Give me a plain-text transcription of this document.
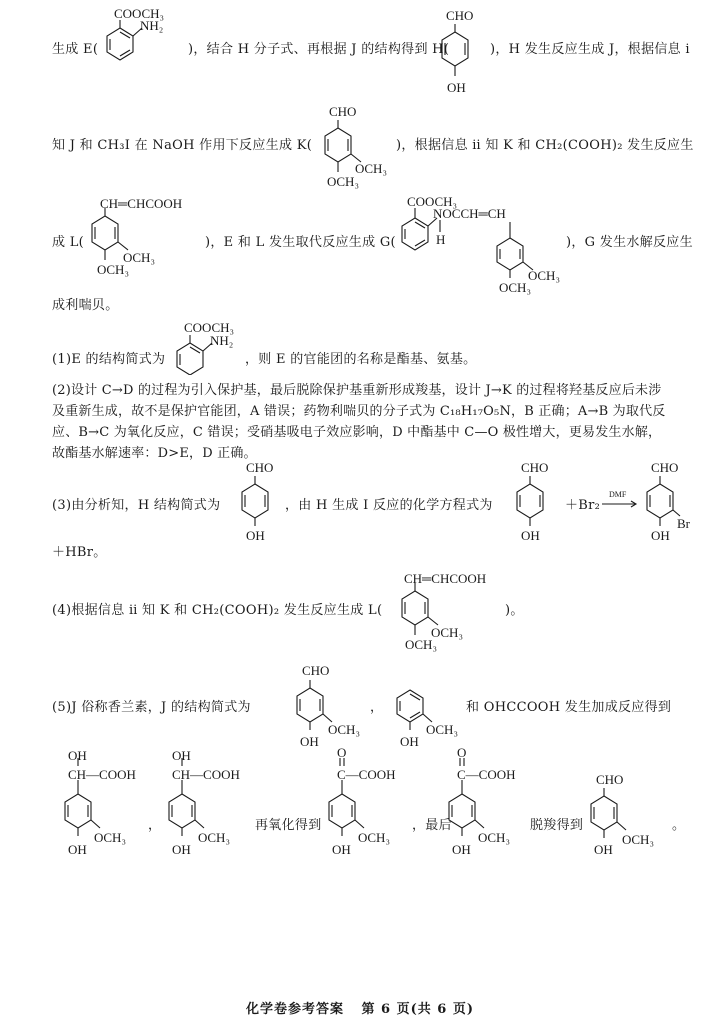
生成 E(
COOCH₃
NH₂
)，结合 H 分子式、再根据 J 的结构得到 H(
CHO
OH
)，H 发生反应生成 J，根据信息 ⅰ
知 J 和 CH₃I 在 NaOH 作用下反应生成 K(
CHO
OCH₃
OCH₃
)，根据信息 ⅱ 知 K 和 CH₂(COOH)₂ 发生反应生
成 L(
CH═CHCOOH
OCH₃
OCH₃
)，E 和 L 发生取代反应生成 G(
COOCH₃
NOCCH═CH
H
OCH₃
OCH₃
)，G 发生水解反应生
成利喘贝。
(1)E 的结构简式为
COOCH₃
NH₂
，则 E 的官能团的名称是酯基、氨基。
(2)设计 C→D 的过程为引入保护基，最后脱除保护基重新形成羧基，设计 J→K 的过程将羟基反应后未涉及重新生成，故不是保护官能团，A 错误；药物利喘贝的分子式为 C₁₈H₁₇O₅N，B 正确；A→B 为取代反应、B→C 为氧化反应，C 错误；受硝基吸电子效应影响，D 中酯基中 C—O 极性增大，更易发生水解，故酯基水解速率：D>E，D 正确。
(3)由分析知，H 结构简式为
CHO
OH
，由 H 生成 I 反应的化学方程式为
CHO
OH
＋Br₂
DMF
CHO
Br
OH
＋HBr。
(4)根据信息 ⅱ 知 K 和 CH₂(COOH)₂ 发生反应生成 L(
CH═CHCOOH
OCH₃
OCH₃
)。
(5)J 俗称香兰素，J 的结构简式为
CHO
OCH₃
OH
，
OCH₃
OH
和 OHCCOOH 发生加成反应得到
OH
CH—COOH
OCH₃
OH
，
OH
CH—COOH
OCH₃
OH
再氧化得到
O
C—COOH
OCH₃
OH
，最后
O
C—COOH
OCH₃
OH
脱羧得到
CHO
OCH₃
OH
。
化学卷参考答案 第 6 页(共 6 页)
